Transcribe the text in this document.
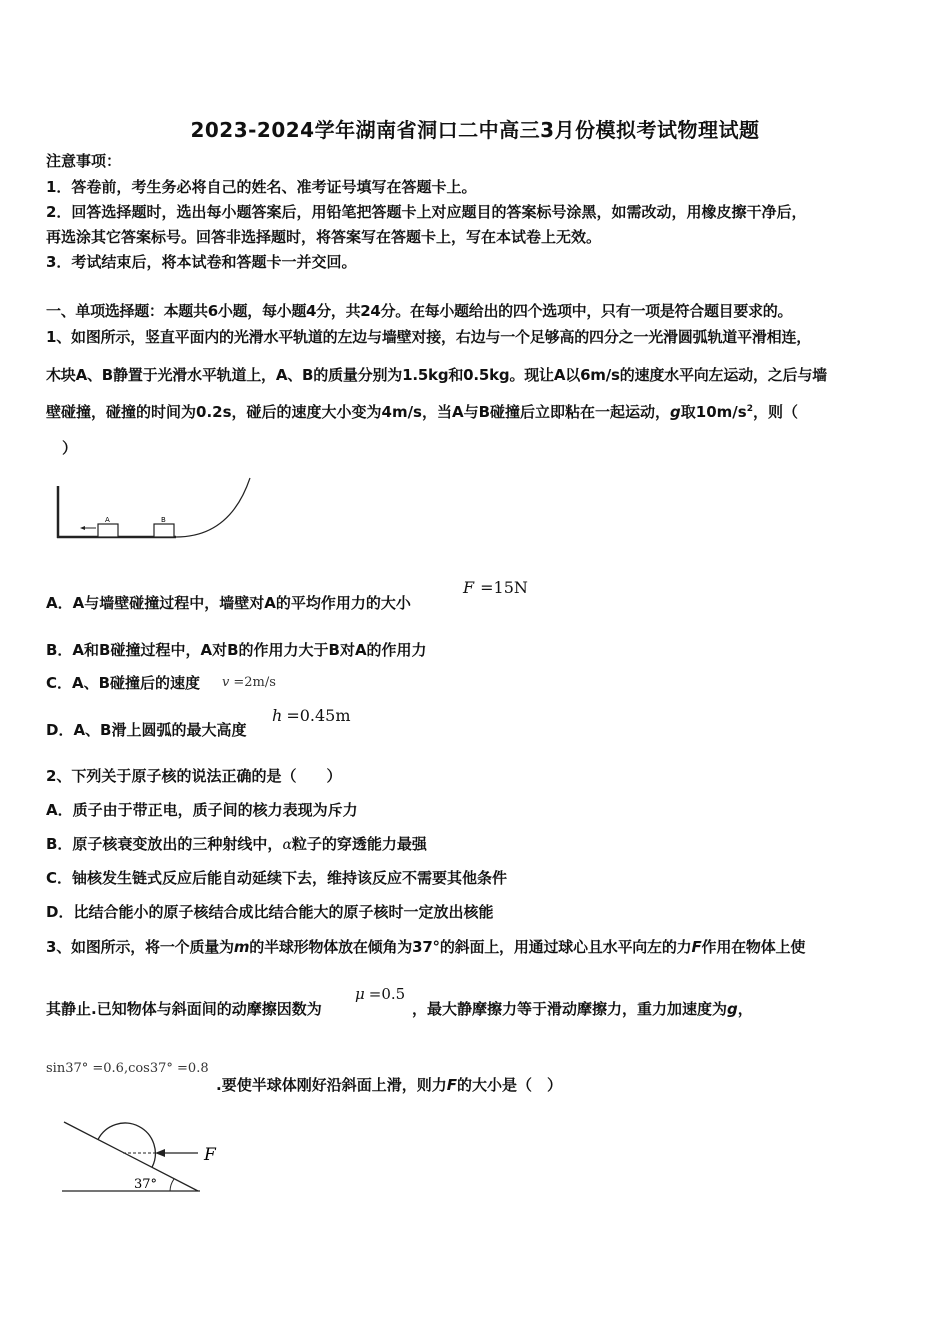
2023-2024学年湖南省洞口二中高三3月份模拟考试物理试题
注意事项：
1．答卷前，考生务必将自己的姓名、准考证号填写在答题卡上。
2．回答选择题时，选出每小题答案后，用铅笔把答题卡上对应题目的答案标号涂黑，如需改动，用橡皮擦干净后，
再选涂其它答案标号。回答非选择题时，将答案写在答题卡上，写在本试卷上无效。
3．考试结束后，将本试卷和答题卡一并交回。
一、单项选择题：本题共6小题，每小题4分，共24分。在每小题给出的四个选项中，只有一项是符合题目要求的。
1、如图所示，竖直平面内的光滑水平轨道的左边与墙壁对接，右边与一个足够高的四分之一光滑圆弧轨道平滑相连，
木块A、B静置于光滑水平轨道上，A、B的质量分别为1.5kg和0.5kg。现让A以6m/s的速度水平向左运动，之后与墙
壁碰撞，碰撞的时间为0.2s，碰后的速度大小变为4m/s，当A与B碰撞后立即粘在一起运动，g取$10m/s^2$，则（
）
A	B
A．A与墙壁碰撞过程中，墙壁对A的平均作用力的大小
F =15N
B．A和B碰撞过程中，A对B的作用力大于B对A的作用力
C．A、B碰撞后的速度 v =2m/s
D．A、B滑上圆弧的最大高度
h =0.45m
2、下列关于原子核的说法正确的是（　　）
A．质子由于带正电，质子间的核力表现为斥力
B．原子核衰变放出的三种射线中，α粒子的穿透能力最强
C．铀核发生链式反应后能自动延续下去，维持该反应不需要其他条件
D．比结合能小的原子核结合成比结合能大的原子核时一定放出核能
3、如图所示，将一个质量为m的半球形物体放在倾角为37°的斜面上，用通过球心且水平向左的力F作用在物体上使
其静止.已知物体与斜面间的动摩擦因数为
μ =0.5
，最大静摩擦力等于滑动摩擦力，重力加速度为g，
sin37° =0.6,cos37° =0.8
.要使半球体刚好沿斜面上滑，则力F的大小是（　）
F
37°
